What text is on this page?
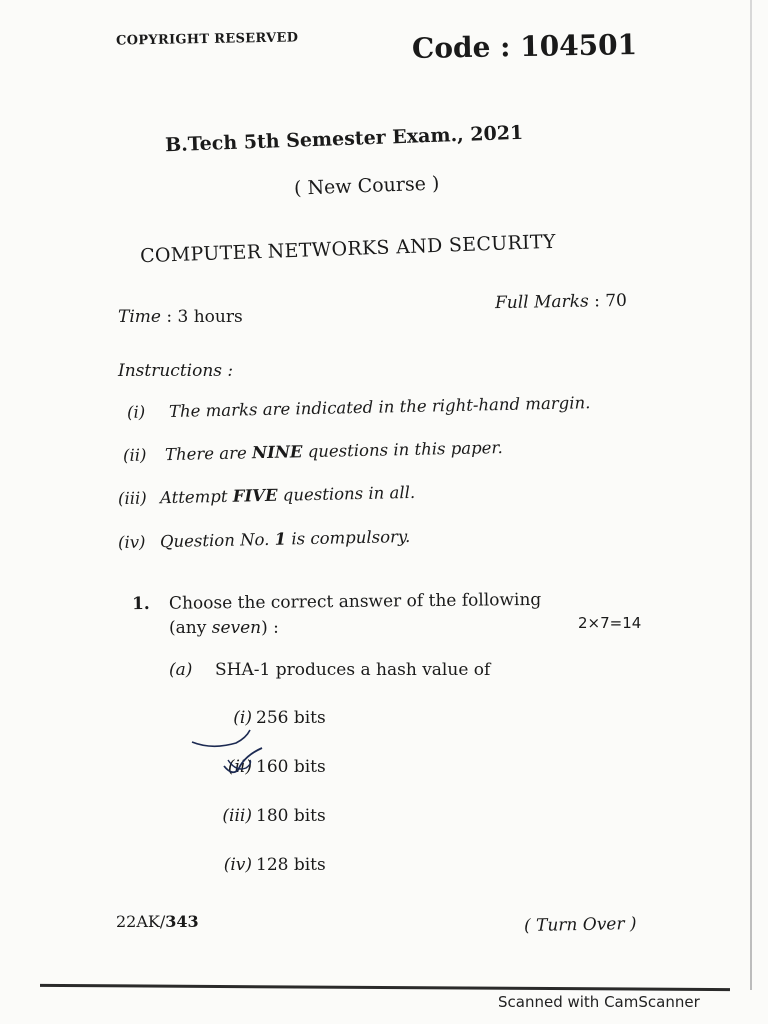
COPYRIGHT RESERVED	Code : 104501
B.Tech 5th Semester Exam., 2021
( New Course )
COMPUTER NETWORKS AND SECURITY
Time : 3 hours
Full Marks : 70
Instructions :
(i) The marks are indicated in the right-hand margin.
(ii) There are NINE questions in this paper.
(iii) Attempt FIVE questions in all.
(iv) Question No. 1 is compulsory.
1. Choose the correct answer of the following
(any seven) :	2×7=14
(a) SHA-1 produces a hash value of
(i) 256 bits
(ii) 160 bits
(iii) 180 bits
(iv) 128 bits
22AK/343	( Turn Over )
Scanned with CamScanner
